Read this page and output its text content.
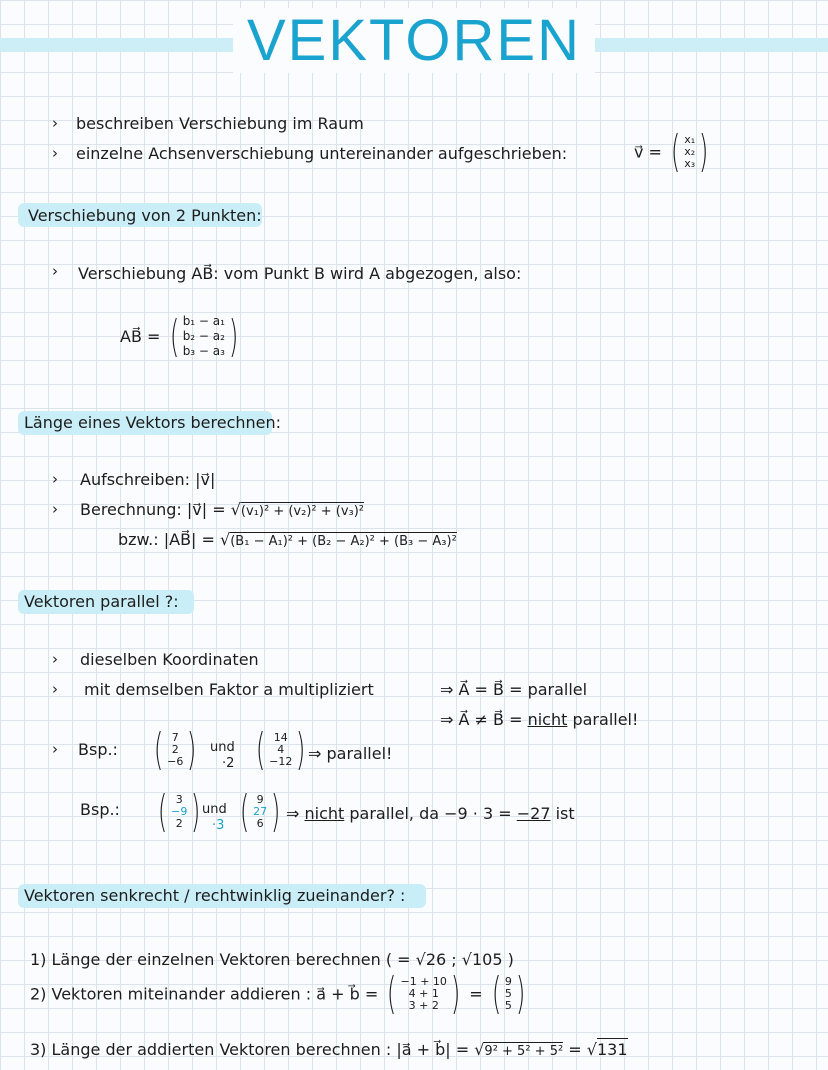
VEKTOREN
› beschreiben Verschiebung im Raum
› einzelne Achsenverschiebung untereinander aufgeschrieben:	v⃗ = ( x₁
x₂
x₃ )
Verschiebung von 2 Punkten:
› Verschiebung AB⃗: vom Punkt B wird A abgezogen, also:
AB⃗ = ( b₁ − a₁
b₂ − a₂
b₃ − a₃ )
Länge eines Vektors berechnen:
› Aufschreiben: |v⃗|
› Berechnung: |v⃗| = √(v₁)² + (v₂)² + (v₃)²
bzw.: |AB⃗| = √(B₁ − A₁)² + (B₂ − A₂)² + (B₃ − A₃)²
Vektoren parallel ?:
› dieselben Koordinaten
› mit demselben Faktor a multipliziert	⇒ A⃗ = B⃗ = parallel
⇒ A⃗ ≠ B⃗ = nicht parallel!
› Bsp.: ( 7
2
−6 ) und
·2 ( 14
4
−12 ) ⇒ parallel!
Bsp.: ( 3
−9
2 ) und
·3 ( 9
27
6 ) ⇒ nicht parallel, da −9 · 3 = −27 ist
Vektoren senkrecht / rechtwinklig zueinander? :
1) Länge der einzelnen Vektoren berechnen ( = √26 ; √105 )
2) Vektoren miteinander addieren : a⃗ + b⃗ = ( −1 + 10
4 + 1
3 + 2 ) = ( 9
5
5 )
3) Länge der addierten Vektoren berechnen : |a⃗ + b⃗| = √9² + 5² + 5² = √131
